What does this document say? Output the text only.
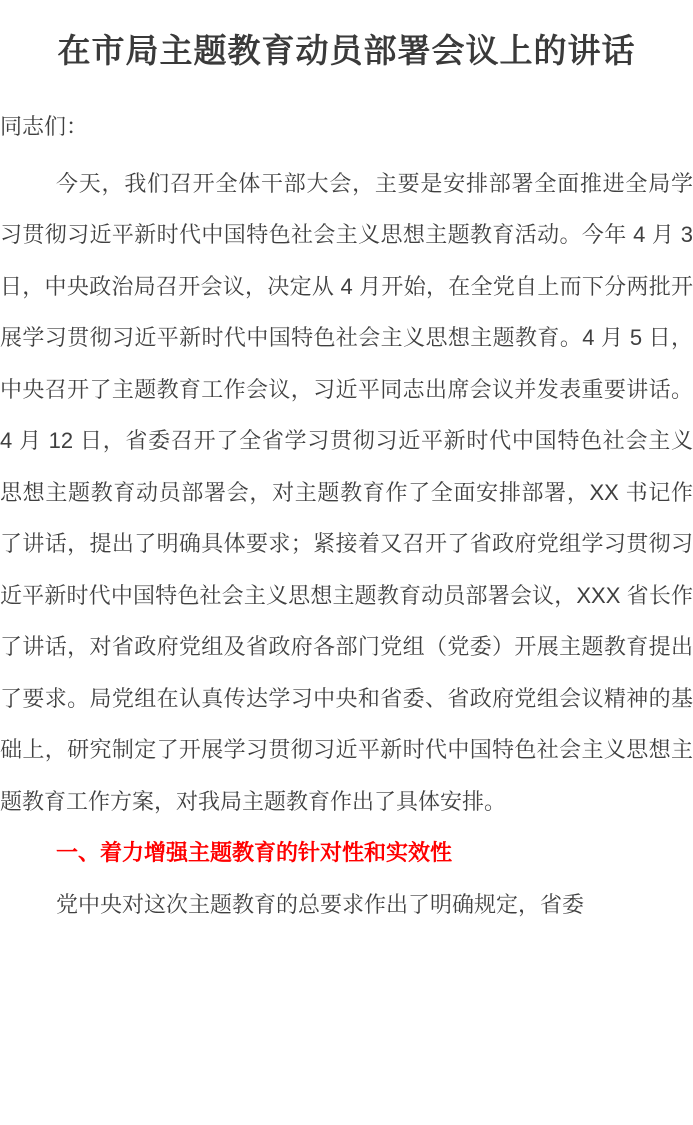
在市局主题教育动员部署会议上的讲话

同志们：

今天，我们召开全体干部大会，主要是安排部署全面推进全局学习贯彻习近平新时代中国特色社会主义思想主题教育活动。今年 4 月 3 日，中央政治局召开会议，决定从 4 月开始，在全党自上而下分两批开展学习贯彻习近平新时代中国特色社会主义思想主题教育。4 月 5 日，中央召开了主题教育工作会议，习近平同志出席会议并发表重要讲话。4 月 12 日，省委召开了全省学习贯彻习近平新时代中国特色社会主义思想主题教育动员部署会，对主题教育作了全面安排部署，XX 书记作了讲话，提出了明确具体要求；紧接着又召开了省政府党组学习贯彻习近平新时代中国特色社会主义思想主题教育动员部署会议，XXX 省长作了讲话，对省政府党组及省政府各部门党组（党委）开展主题教育提出了要求。局党组在认真传达学习中央和省委、省政府党组会议精神的基础上，研究制定了开展学习贯彻习近平新时代中国特色社会主义思想主题教育工作方案，对我局主题教育作出了具体安排。

一、着力增强主题教育的针对性和实效性

党中央对这次主题教育的总要求作出了明确规定，省委
